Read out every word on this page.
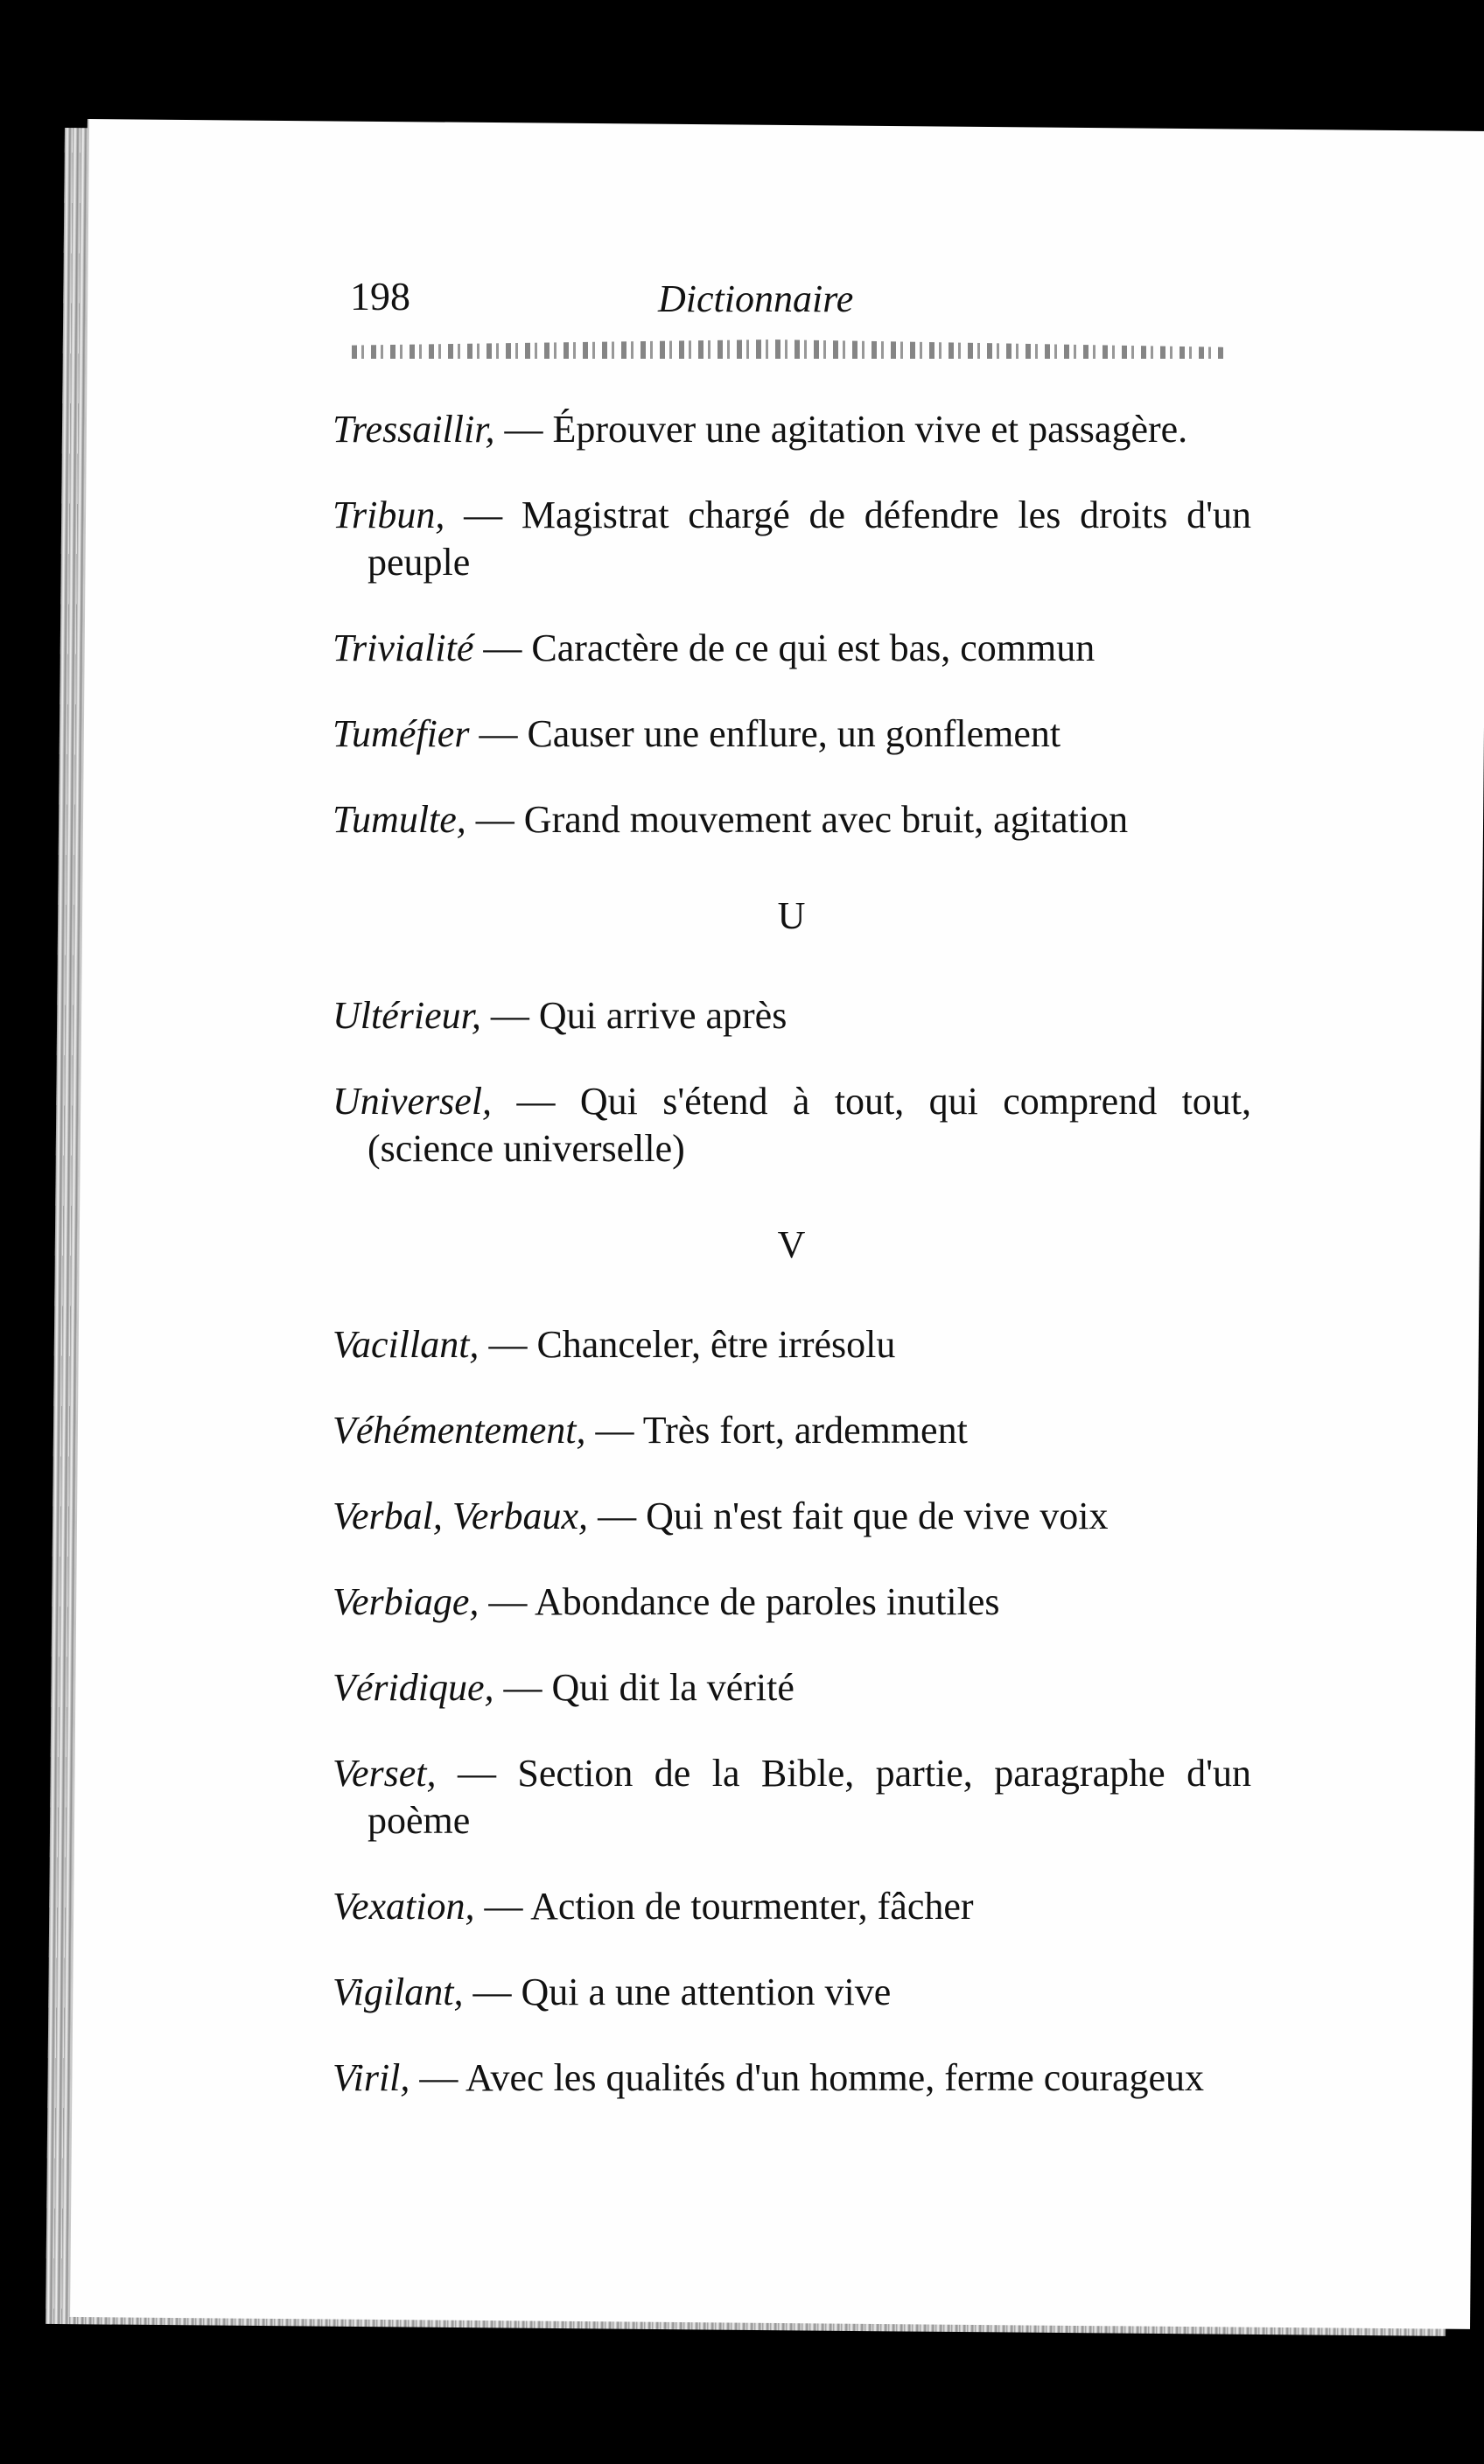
198	Dictionnaire

Tressaillir, — Éprouver une agitation vive et passagère.

Tribun, — Magistrat chargé de défendre les droits d'un peuple

Trivialité — Caractère de ce qui est bas, commun

Tuméfier — Causer une enflure, un gonflement

Tumulte, — Grand mouvement avec bruit, agitation

U

Ultérieur, — Qui arrive après

Universel, — Qui s'étend à tout, qui comprend tout, (science universelle)

V

Vacillant, — Chanceler, être irrésolu

Véhémentement, — Très fort, ardemment

Verbal, Verbaux, — Qui n'est fait que de vive voix

Verbiage, — Abondance de paroles inutiles

Véridique, — Qui dit la vérité

Verset, — Section de la Bible, partie, paragraphe d'un poème

Vexation, — Action de tourmenter, fâcher

Vigilant, — Qui a une attention vive

Viril, — Avec les qualités d'un homme, ferme courageux
